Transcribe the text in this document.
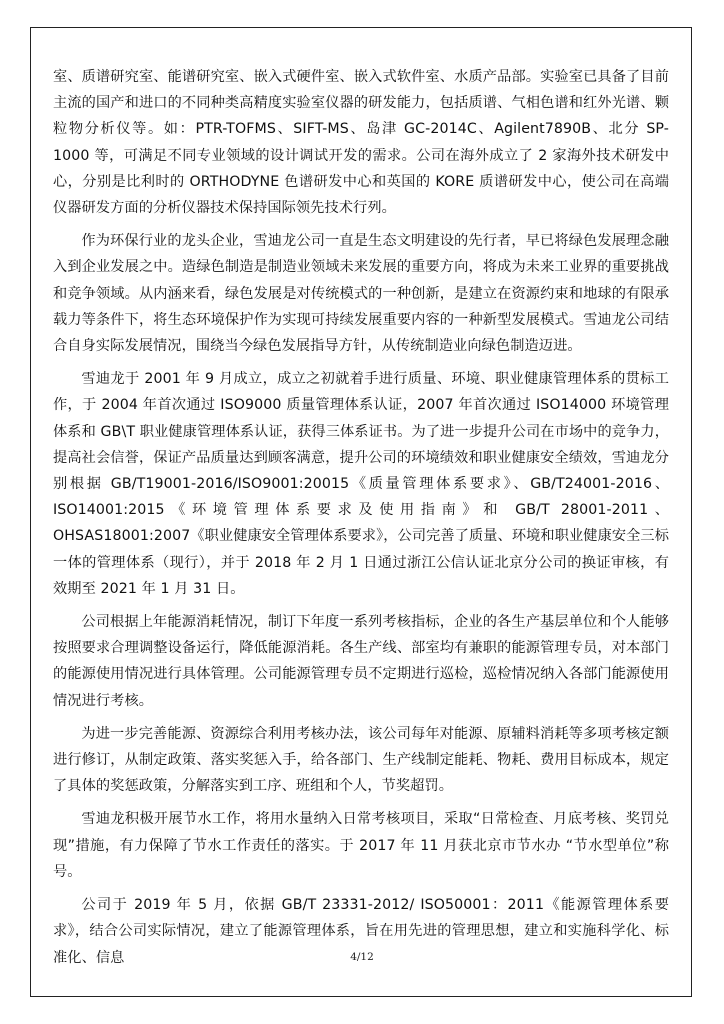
室、质谱研究室、能谱研究室、嵌入式硬件室、嵌入式软件室、水质产品部。实验室已具备了目前主流的国产和进口的不同种类高精度实验室仪器的研发能力，包括质谱、气相色谱和红外光谱、颗粒物分析仪等。如：PTR-TOFMS、SIFT-MS、岛津 GC-2014C、Agilent7890B、北分 SP-1000 等，可满足不同专业领域的设计调试开发的需求。公司在海外成立了 2 家海外技术研发中心，分别是比利时的 ORTHODYNE 色谱研发中心和英国的 KORE 质谱研发中心，使公司在高端仪器研发方面的分析仪器技术保持国际领先技术行列。

作为环保行业的龙头企业，雪迪龙公司一直是生态文明建设的先行者，早已将绿色发展理念融入到企业发展之中。造绿色制造是制造业领域未来发展的重要方向，将成为未来工业界的重要挑战和竞争领域。从内涵来看，绿色发展是对传统模式的一种创新，是建立在资源约束和地球的有限承载力等条件下，将生态环境保护作为实现可持续发展重要内容的一种新型发展模式。雪迪龙公司结合自身实际发展情况，围绕当今绿色发展指导方针，从传统制造业向绿色制造迈进。

雪迪龙于 2001 年 9 月成立，成立之初就着手进行质量、环境、职业健康管理体系的贯标工作，于 2004 年首次通过 ISO9000 质量管理体系认证，2007 年首次通过 ISO14000 环境管理体系和 GB\T 职业健康管理体系认证，获得三体系证书。为了进一步提升公司在市场中的竞争力，提高社会信誉，保证产品质量达到顾客满意，提升公司的环境绩效和职业健康安全绩效，雪迪龙分别根据 GB/T19001-2016/ISO9001:20015《质量管理体系要求》、GB/T24001-2016、ISO14001:2015《环境管理体系要求及使用指南》和 GB/T 28001-2011、OHSAS18001:2007《职业健康安全管理体系要求》，公司完善了质量、环境和职业健康安全三标一体的管理体系（现行），并于 2018 年 2 月 1 日通过浙江公信认证北京分公司的换证审核，有效期至 2021 年 1 月 31 日。

公司根据上年能源消耗情况，制订下年度一系列考核指标，企业的各生产基层单位和个人能够按照要求合理调整设备运行，降低能源消耗。各生产线、部室均有兼职的能源管理专员，对本部门的能源使用情况进行具体管理。公司能源管理专员不定期进行巡检，巡检情况纳入各部门能源使用情况进行考核。

为进一步完善能源、资源综合利用考核办法，该公司每年对能源、原辅料消耗等多项考核定额进行修订，从制定政策、落实奖惩入手，给各部门、生产线制定能耗、物耗、费用目标成本，规定了具体的奖惩政策，分解落实到工序、班组和个人，节奖超罚。

雪迪龙积极开展节水工作，将用水量纳入日常考核项目，采取“日常检查、月底考核、奖罚兑现”措施，有力保障了节水工作责任的落实。于 2017 年 11 月获北京市节水办 “节水型单位”称号。

公司于 2019 年 5 月，依据 GB/T 23331-2012/ ISO50001：2011《能源管理体系要求》，结合公司实际情况，建立了能源管理体系，旨在用先进的管理思想，建立和实施科学化、标准化、信息	4/12
